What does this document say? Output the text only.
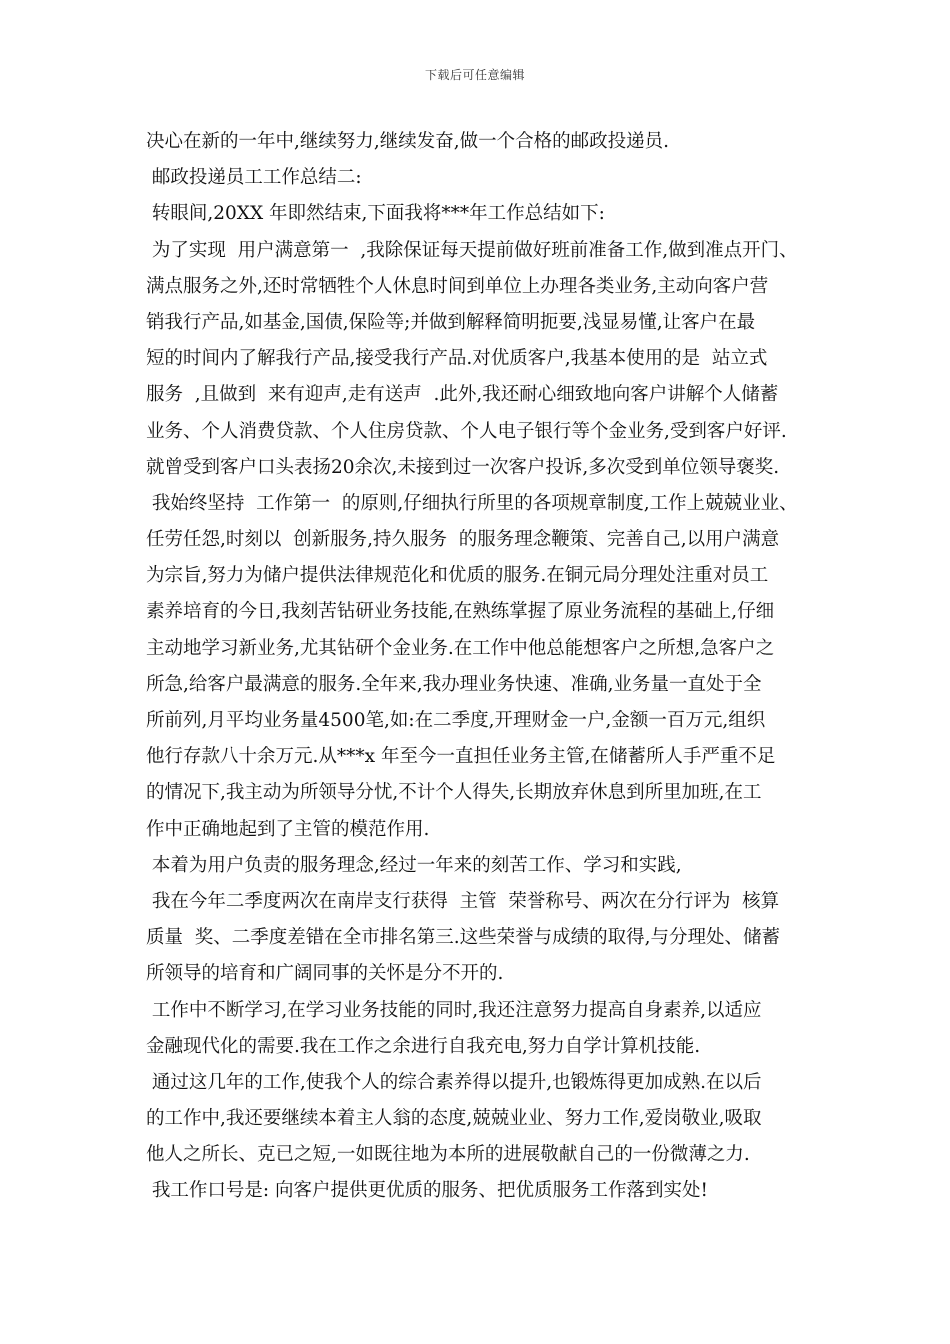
下载后可任意编辑
决心在新的一年中,继续努力,继续发奋,做一个合格的邮政投递员.
邮政投递员工工作总结二:
转眼间,20XX 年即然结束,下面我将***年工作总结如下:
为了实现  用户满意第一  ,我除保证每天提前做好班前准备工作,做到准点开门、
满点服务之外,还时常牺牲个人休息时间到单位上办理各类业务,主动向客户营
销我行产品,如基金,国债,保险等;并做到解释简明扼要,浅显易懂,让客户在最
短的时间内了解我行产品,接受我行产品.对优质客户,我基本使用的是  站立式
服务  ,且做到  来有迎声,走有送声  .此外,我还耐心细致地向客户讲解个人储蓄
业务、个人消费贷款、个人住房贷款、个人电子银行等个金业务,受到客户好评.
就曾受到客户口头表扬20余次,未接到过一次客户投诉,多次受到单位领导褒奖.
我始终坚持  工作第一  的原则,仔细执行所里的各项规章制度,工作上兢兢业业、
任劳任怨,时刻以  创新服务,持久服务  的服务理念鞭策、完善自己,以用户满意
为宗旨,努力为储户提供法律规范化和优质的服务.在铜元局分理处注重对员工
素养培育的今日,我刻苦钻研业务技能,在熟练掌握了原业务流程的基础上,仔细
主动地学习新业务,尤其钻研个金业务.在工作中他总能想客户之所想,急客户之
所急,给客户最满意的服务.全年来,我办理业务快速、准确,业务量一直处于全
所前列,月平均业务量4500笔,如:在二季度,开理财金一户,金额一百万元,组织
他行存款八十余万元.从***x 年至今一直担任业务主管,在储蓄所人手严重不足
的情况下,我主动为所领导分忧,不计个人得失,长期放弃休息到所里加班,在工
作中正确地起到了主管的模范作用.
本着为用户负责的服务理念,经过一年来的刻苦工作、学习和实践,
我在今年二季度两次在南岸支行获得  主管  荣誉称号、两次在分行评为  核算
质量  奖、二季度差错在全市排名第三.这些荣誉与成绩的取得,与分理处、储蓄
所领导的培育和广阔同事的关怀是分不开的.
工作中不断学习,在学习业务技能的同时,我还注意努力提高自身素养,以适应
金融现代化的需要.我在工作之余进行自我充电,努力自学计算机技能.
通过这几年的工作,使我个人的综合素养得以提升,也锻炼得更加成熟.在以后
的工作中,我还要继续本着主人翁的态度,兢兢业业、努力工作,爱岗敬业,吸取
他人之所长、克已之短,一如既往地为本所的进展敬献自己的一份微薄之力.
我工作口号是: 向客户提供更优质的服务、把优质服务工作落到实处!
